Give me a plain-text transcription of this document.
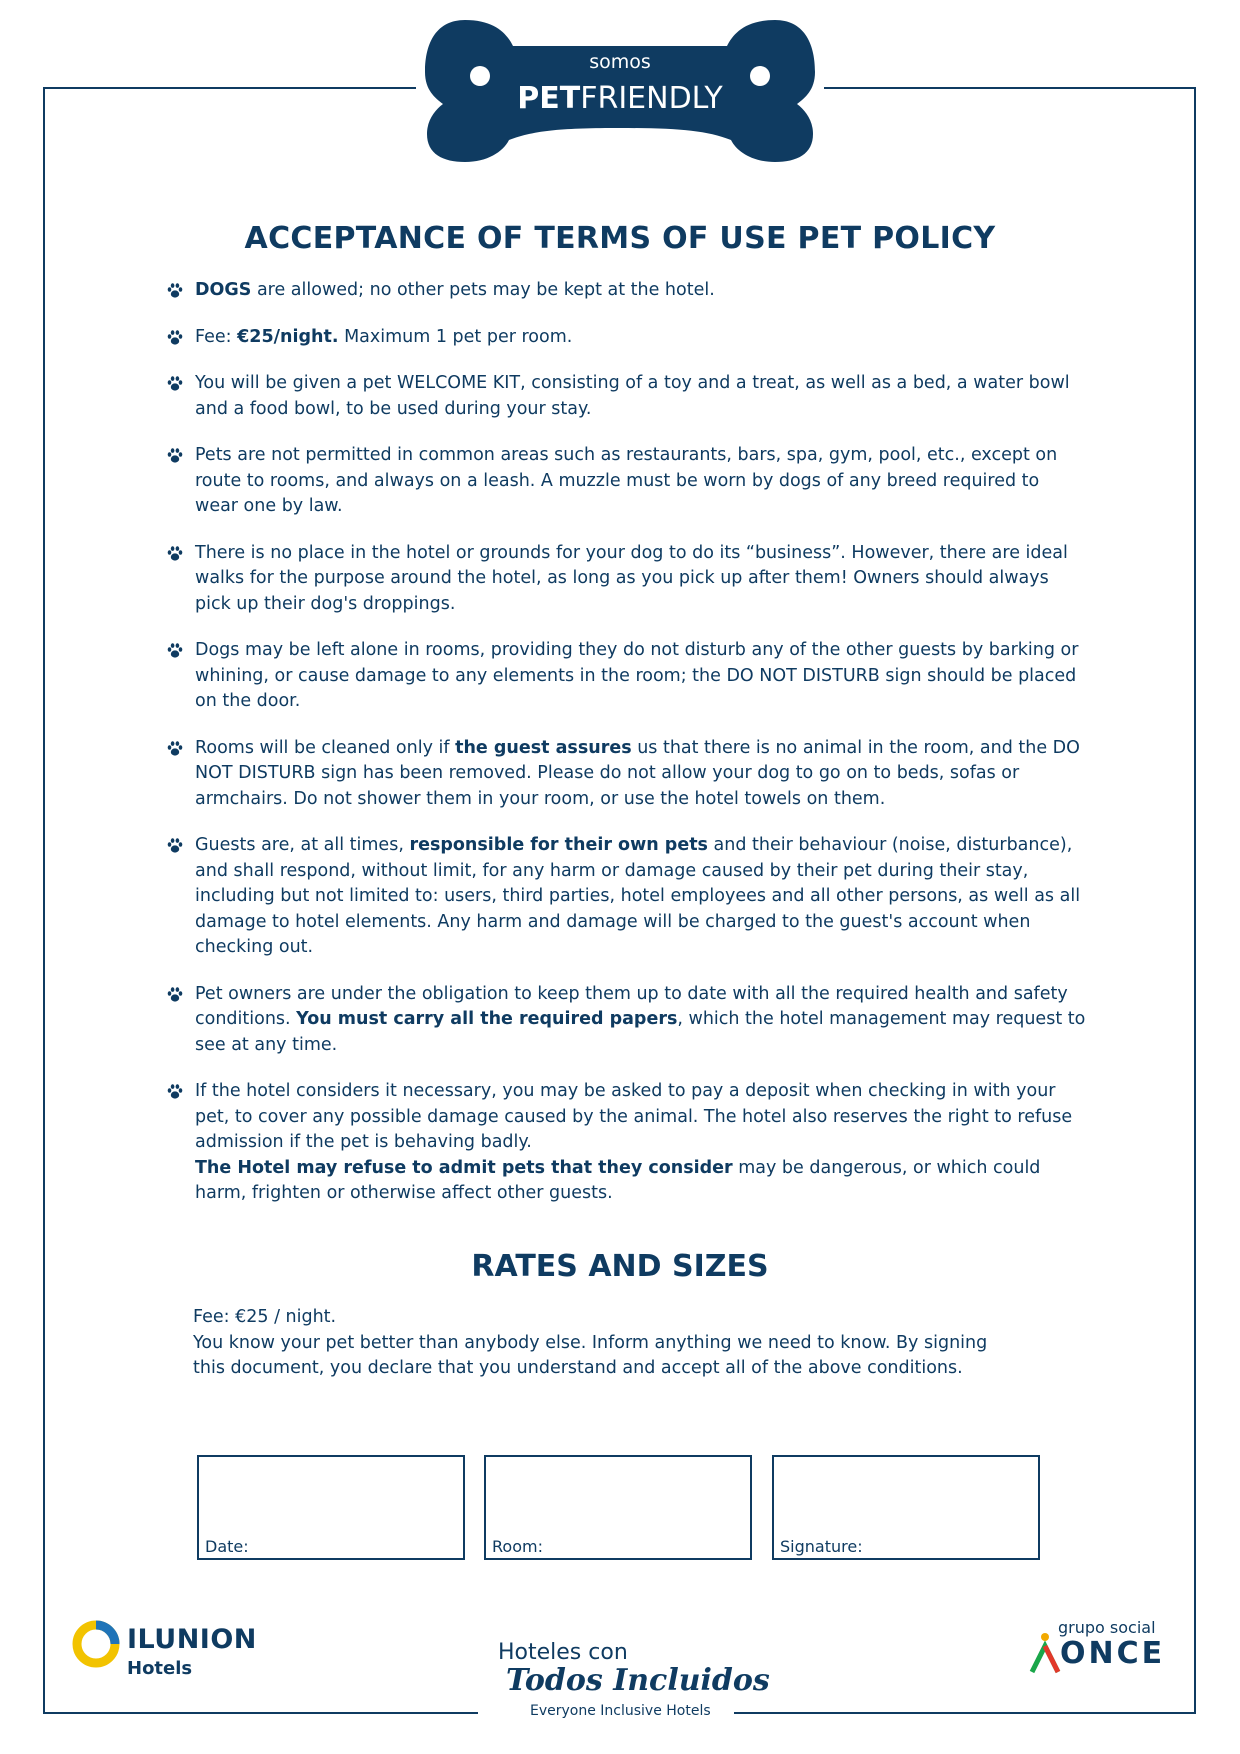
somos
PETFRIENDLY
ACCEPTANCE OF TERMS OF USE PET POLICY
DOGS are allowed; no other pets may be kept at the hotel.
Fee: €25/night. Maximum 1 pet per room.
You will be given a pet WELCOME KIT, consisting of a toy and a treat, as well as a bed, a water bowl and a food bowl, to be used during your stay.
Pets are not permitted in common areas such as restaurants, bars, spa, gym, pool, etc., except on route to rooms, and always on a leash. A muzzle must be worn by dogs of any breed required to wear one by law.
There is no place in the hotel or grounds for your dog to do its “business”. However, there are ideal walks for the purpose around the hotel, as long as you pick up after them! Owners should always pick up their dog's droppings.
Dogs may be left alone in rooms, providing they do not disturb any of the other guests by barking or whining, or cause damage to any elements in the room; the DO NOT DISTURB sign should be placed on the door.
Rooms will be cleaned only if the guest assures us that there is no animal in the room, and the DO NOT DISTURB sign has been removed. Please do not allow your dog to go on to beds, sofas or armchairs. Do not shower them in your room, or use the hotel towels on them.
Guests are, at all times, responsible for their own pets and their behaviour (noise, disturbance), and shall respond, without limit, for any harm or damage caused by their pet during their stay, including but not limited to: users, third parties, hotel employees and all other persons, as well as all damage to hotel elements. Any harm and damage will be charged to the guest's account when checking out.
Pet owners are under the obligation to keep them up to date with all the required health and safety conditions. You must carry all the required papers, which the hotel management may request to see at any time.
If the hotel considers it necessary, you may be asked to pay a deposit when checking in with your pet, to cover any possible damage caused by the animal. The hotel also reserves the right to refuse admission if the pet is behaving badly.
The Hotel may refuse to admit pets that they consider may be dangerous, or which could harm, frighten or otherwise affect other guests.
RATES AND SIZES

Fee: €25 / night.

You know your pet better than anybody else. Inform anything we need to know. By signing this document, you declare that you understand and accept all of the above conditions.

Date:	Room:	Signature:
ILUNION
Hotels
Hoteles con
Todos Incluidos
Everyone Inclusive Hotels
grupo social
ONCE
